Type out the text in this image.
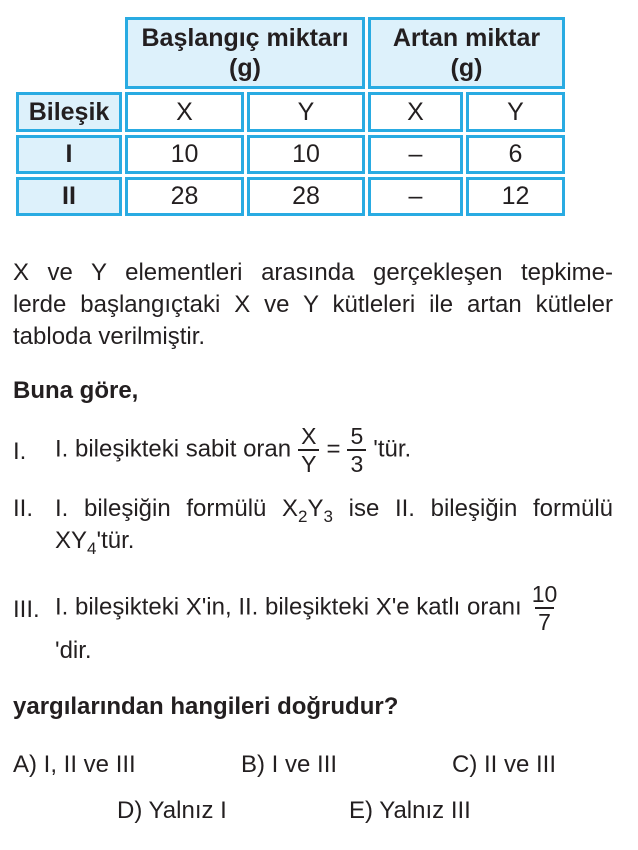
Başlangıç miktarı
(g)

Artan miktar
(g)

Bileşik	X	Y	X	Y
I	10	10	–	6
II	28	28	–	12
X ve Y elementleri arasında gerçekleşen tepkime-
lerde başlangıçtaki X ve Y kütleleri ile artan kütleler
tabloda verilmiştir.
Buna göre,
I.	I. bileşikteki sabit oran $\frac{X}{Y} = \frac{5}{3}$ 'tür.
II. I. bileşiğin formülü $X_2Y_3$ ise II. bileşiğin formülü
$XY_4'tür$.
III. I. bileşikteki X'in, II. bileşikteki X'e katlı oranı $\frac{10}{7}$
'dir.
yargılarından hangileri doğrudur?
A) I, II ve III	B) I ve III	C) II ve III
D) Yalnız I	E) Yalnız III
